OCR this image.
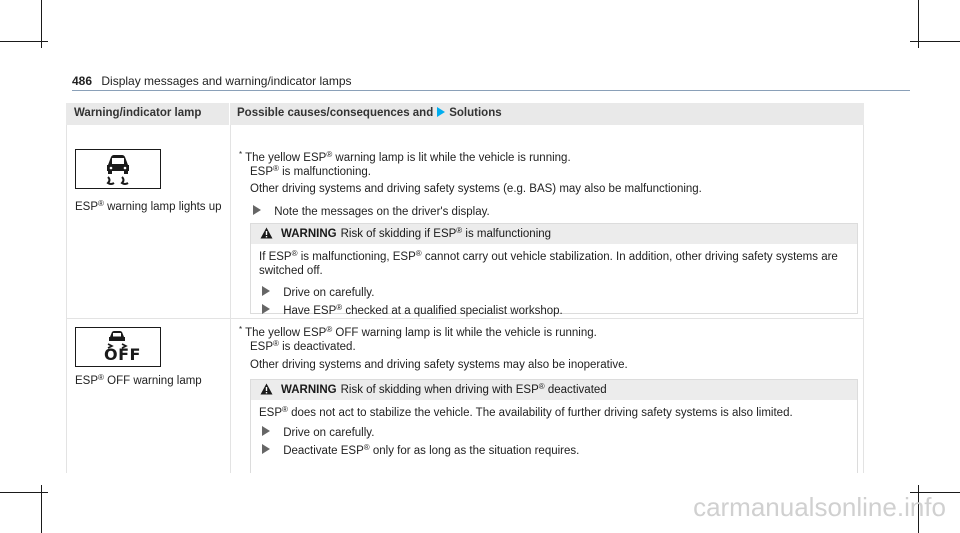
486 Display messages and warning/indicator lamps
Warning/indicator lamp	Possible causes/consequences and Solutions
ESP® warning lamp lights up
* The yellow ESP® warning lamp is lit while the vehicle is running.
ESP® is malfunctioning.
Other driving systems and driving safety systems (e.g. BAS) may also be malfunctioning.
Note the messages on the driver's display.
WARNING Risk of skidding if ESP® is malfunctioning
If ESP® is malfunctioning, ESP® cannot carry out vehicle stabilization. In addition, other driving safety systems are
switched off.
Drive on carefully.
Have ESP® checked at a qualified specialist workshop.
OFF
ESP® OFF warning lamp
* The yellow ESP® OFF warning lamp is lit while the vehicle is running.
ESP® is deactivated.
Other driving systems and driving safety systems may also be inoperative.
WARNING Risk of skidding when driving with ESP® deactivated
ESP® does not act to stabilize the vehicle. The availability of further driving safety systems is also limited.
Drive on carefully.
Deactivate ESP® only for as long as the situation requires.
carmanualsonline.info
